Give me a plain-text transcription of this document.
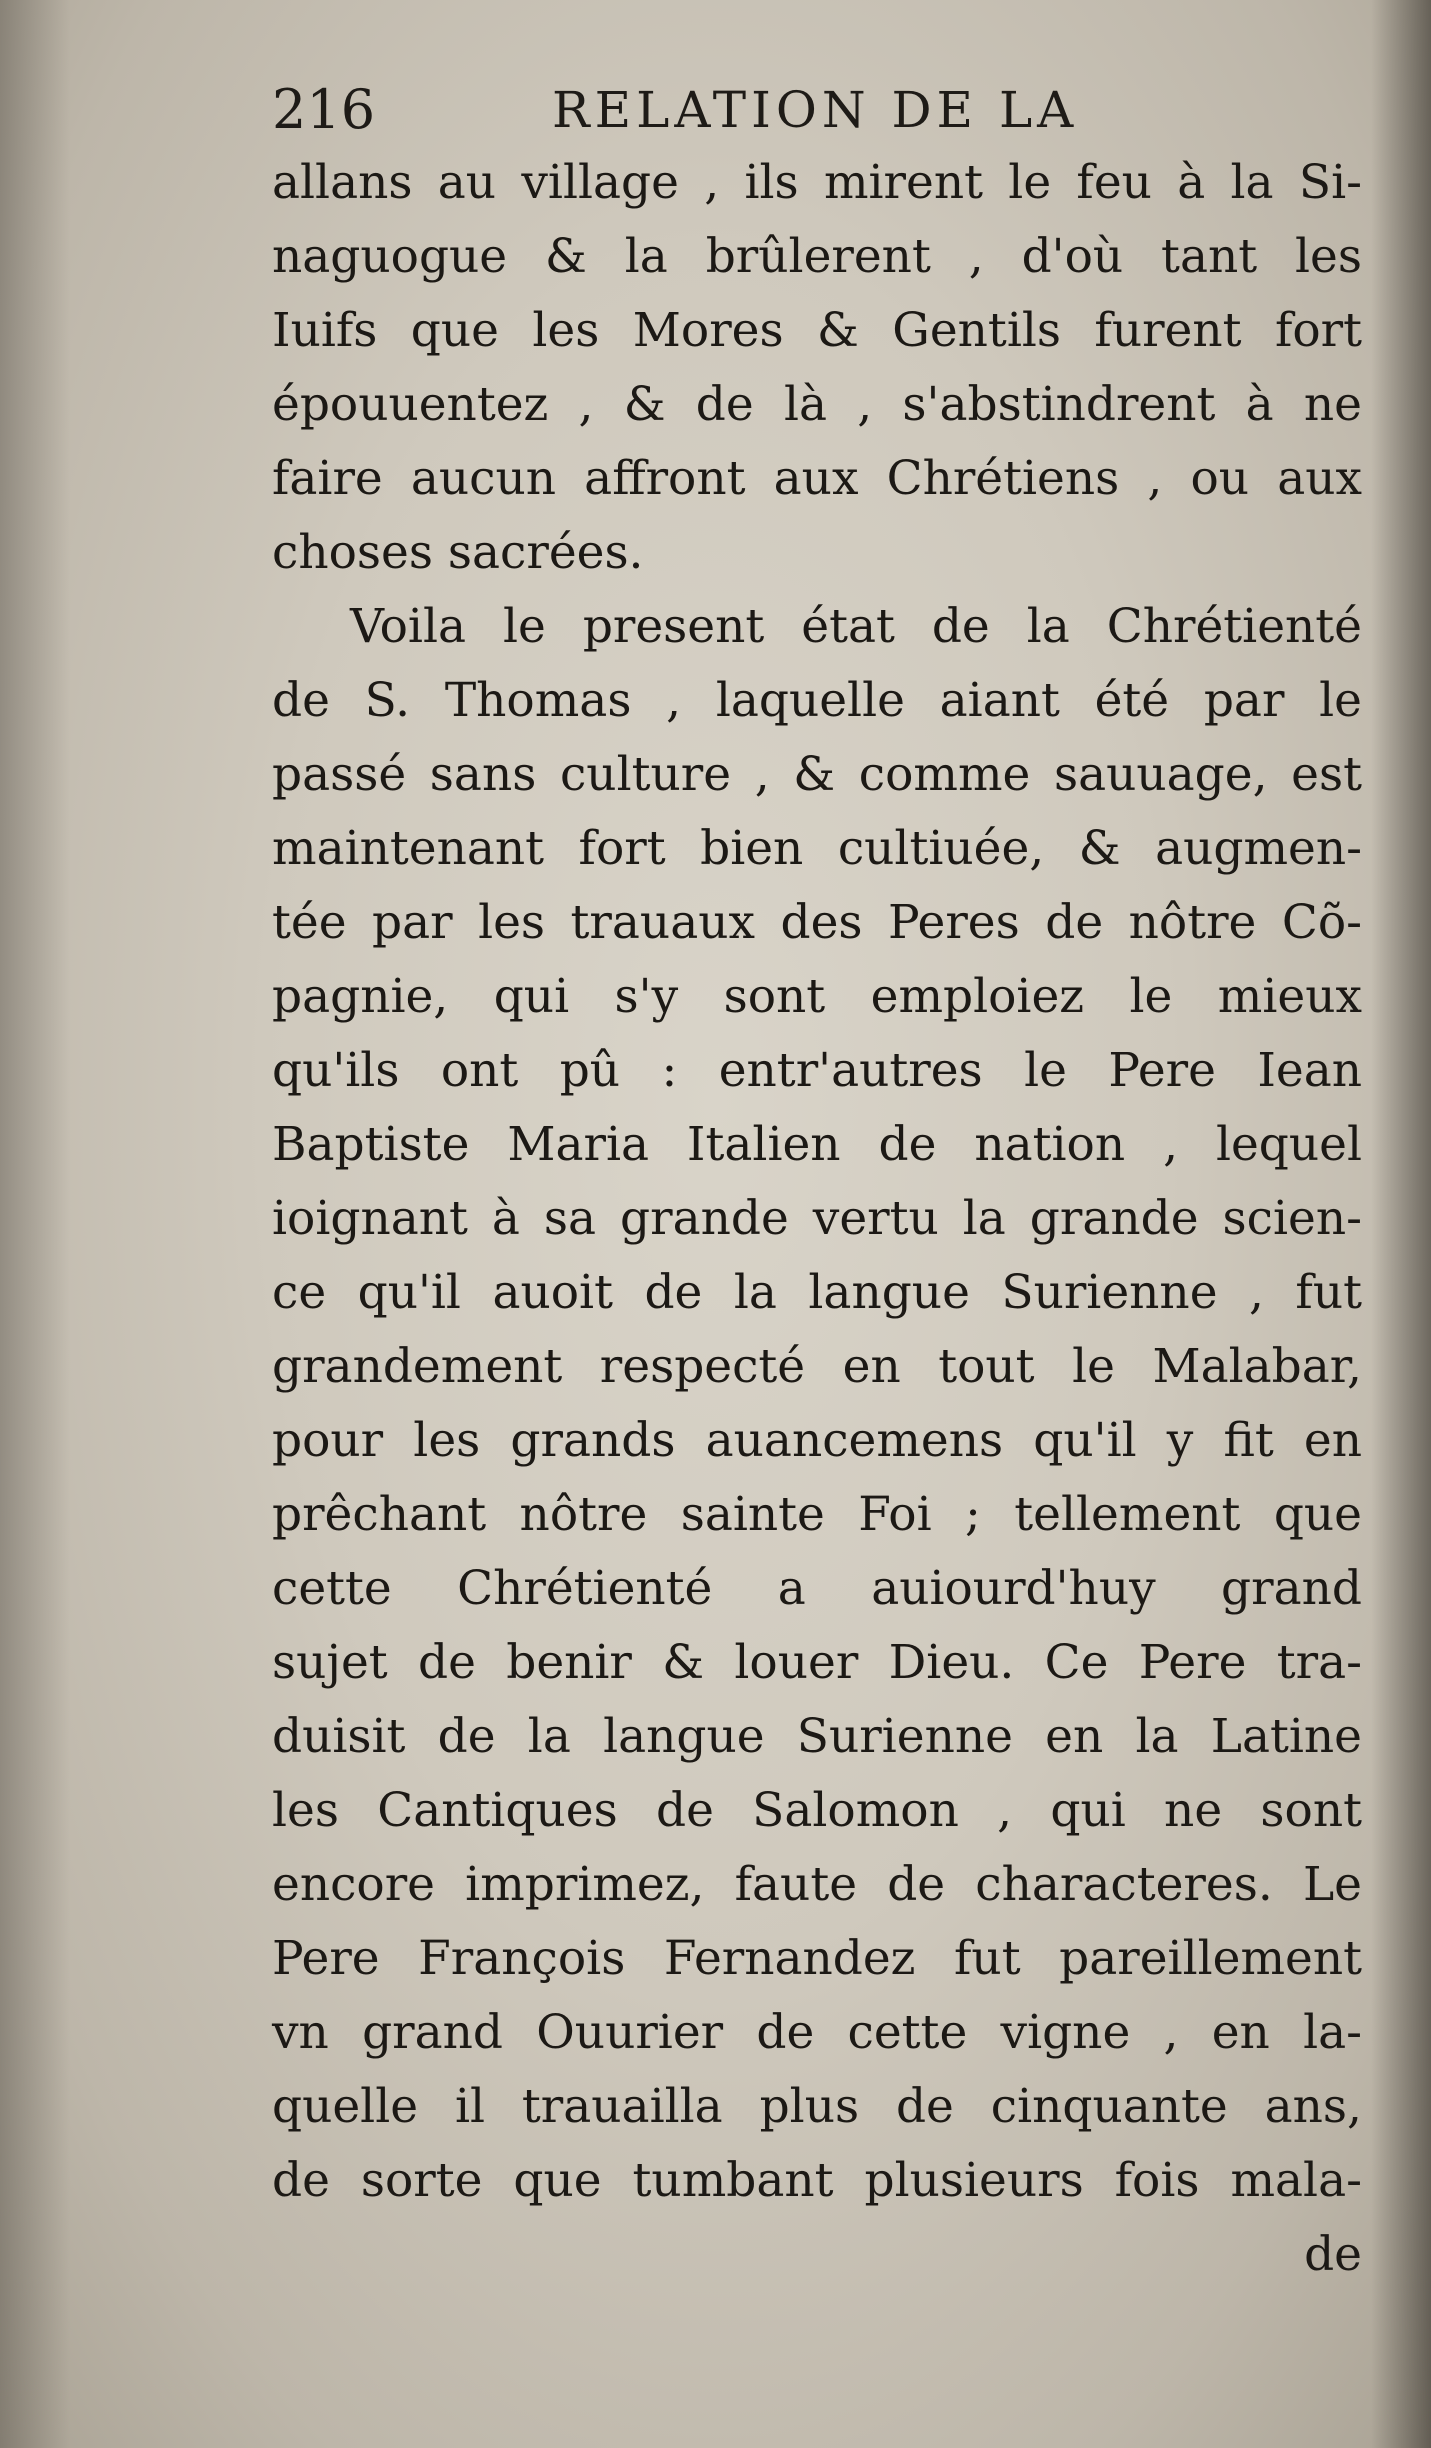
216	RELATION DE LA
allans au village , ils mirent le feu à la Si-
naguogue & la brûlerent , d'où tant les
Iuifs que les Mores & Gentils furent fort
épouuentez , & de là , s'abstindrent à ne
faire aucun affront aux Chrétiens , ou aux
choses sacrées.
Voila le present état de la Chrétienté
de S. Thomas , laquelle aiant été par le
passé sans culture , & comme sauuage, est
maintenant fort bien cultiuée, & augmen-
tée par les trauaux des Peres de nôtre Cõ-
pagnie, qui s'y sont emploiez le mieux
qu'ils ont pû : entr'autres le Pere Iean
Baptiste Maria Italien de nation , lequel
ioignant à sa grande vertu la grande scien-
ce qu'il auoit de la langue Surienne , fut
grandement respecté en tout le Malabar,
pour les grands auancemens qu'il y fit en
prêchant nôtre sainte Foi ; tellement que
cette Chrétienté a auiourd'huy grand
sujet de benir & louer Dieu. Ce Pere tra-
duisit de la langue Surienne en la Latine
les Cantiques de Salomon , qui ne sont
encore imprimez, faute de characteres. Le
Pere François Fernandez fut pareillement
vn grand Ouurier de cette vigne , en la-
quelle il trauailla plus de cinquante ans,
de sorte que tumbant plusieurs fois mala-
de
